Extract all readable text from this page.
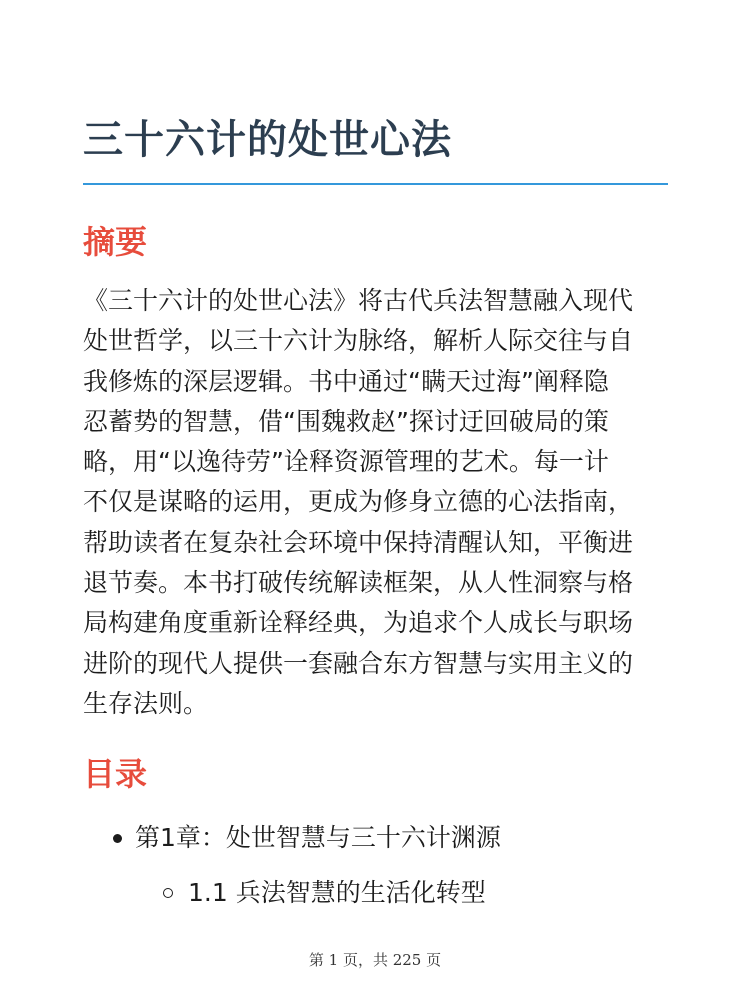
三十六计的处世心法
摘要

《三十六计的处世心法》将古代兵法智慧融入现代
处世哲学，以三十六计为脉络，解析人际交往与自
我修炼的深层逻辑。书中通过“瞒天过海”阐释隐
忍蓄势的智慧，借“围魏救赵”探讨迂回破局的策
略，用“以逸待劳”诠释资源管理的艺术。每一计
不仅是谋略的运用，更成为修身立德的心法指南，
帮助读者在复杂社会环境中保持清醒认知，平衡进
退节奏。本书打破传统解读框架，从人性洞察与格
局构建角度重新诠释经典，为追求个人成长与职场
进阶的现代人提供一套融合东方智慧与实用主义的
生存法则。

目录
第1章：处世智慧与三十六计渊源
1.1 兵法智慧的生活化转型
第 1 页，共 225 页
